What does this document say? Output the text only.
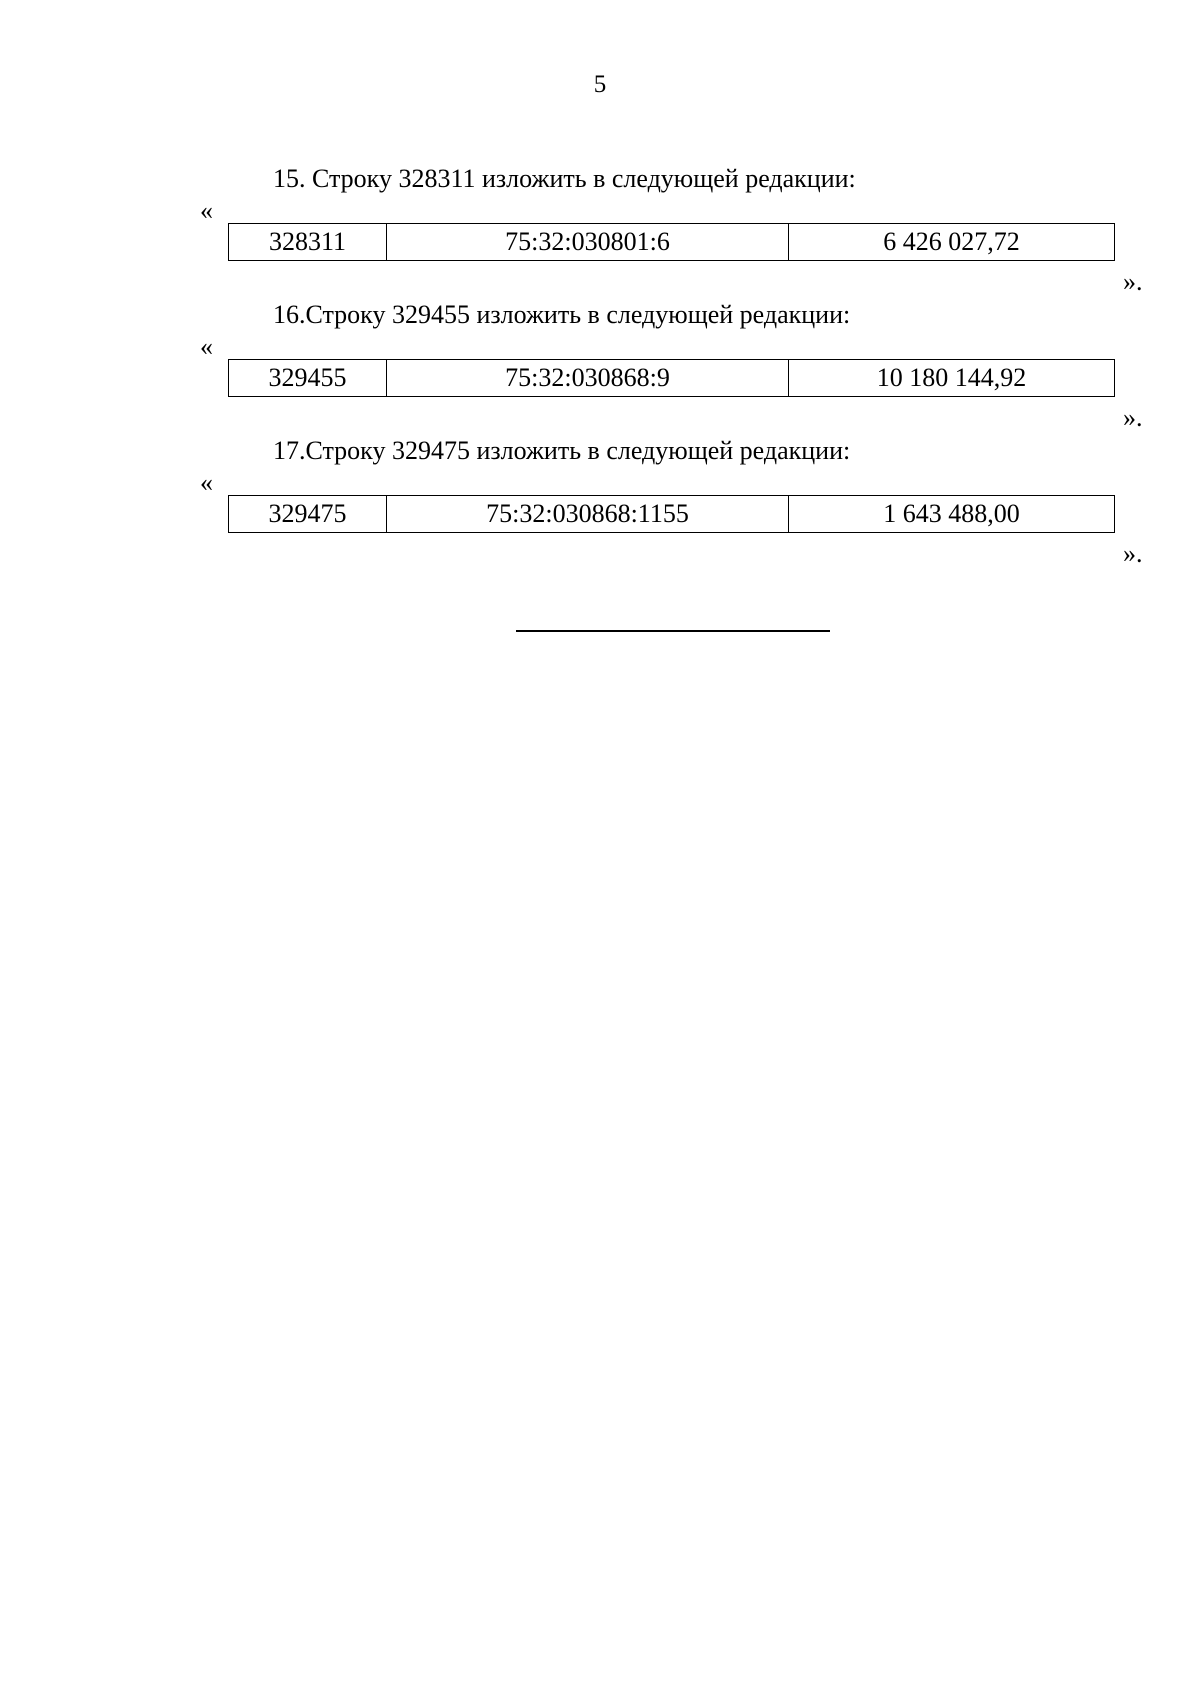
5
15. Строку 328311 изложить в следующей редакции:
«
328311	75:32:030801:6	6 426 027,72
».
16.Строку 329455 изложить в следующей редакции:
«
329455	75:32:030868:9	10 180 144,92
».
17.Строку 329475 изложить в следующей редакции:
«
329475	75:32:030868:1155	1 643 488,00
».
